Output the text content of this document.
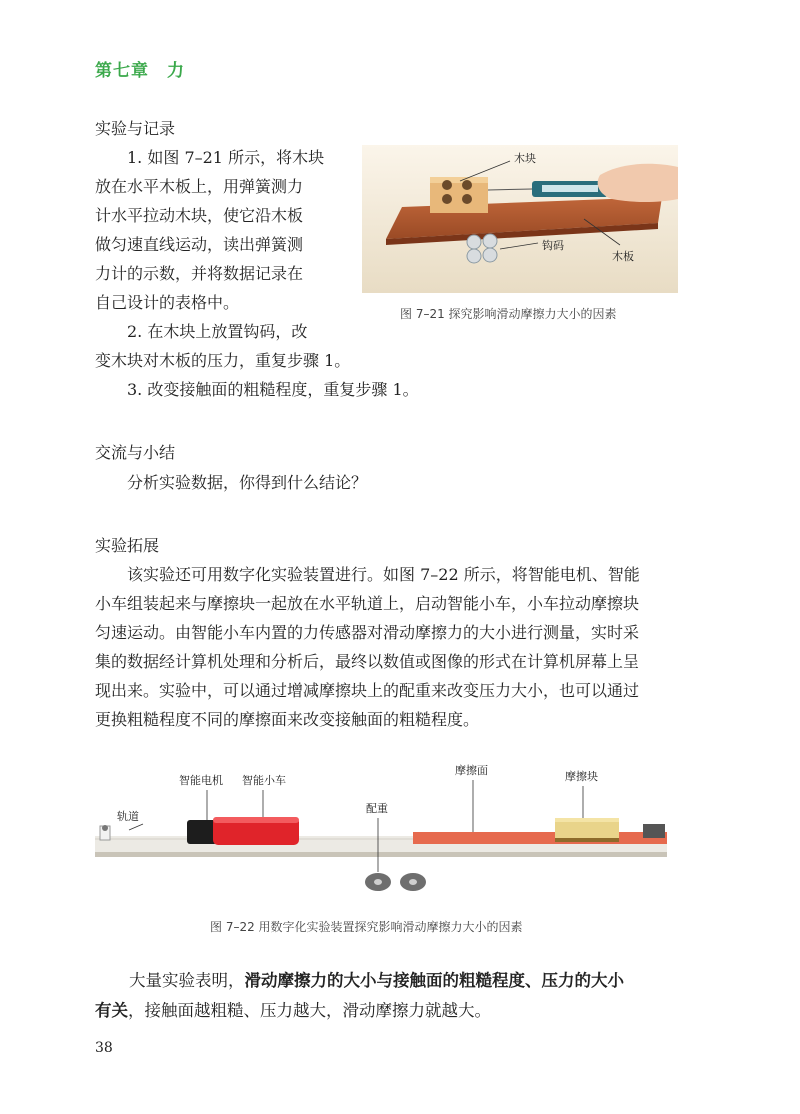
第七章　力
实验与记录
1. 如图 7–21 所示，将木块
放在水平木板上，用弹簧测力
计水平拉动木块，使它沿木板
做匀速直线运动，读出弹簧测
力计的示数，并将数据记录在
自己设计的表格中。
2. 在木块上放置钩码，改
变木块对木板的压力，重复步骤 1。
3. 改变接触面的粗糙程度，重复步骤 1。
木块
钩码
木板
图 7–21 探究影响滑动摩擦力大小的因素
交流与小结
分析实验数据，你得到什么结论？
实验拓展
该实验还可用数字化实验装置进行。如图 7–22 所示，将智能电机、智能
小车组装起来与摩擦块一起放在水平轨道上，启动智能小车，小车拉动摩擦块
匀速运动。由智能小车内置的力传感器对滑动摩擦力的大小进行测量，实时采
集的数据经计算机处理和分析后，最终以数值或图像的形式在计算机屏幕上呈
现出来。实验中，可以通过增减摩擦块上的配重来改变压力大小，也可以通过
更换粗糙程度不同的摩擦面来改变接触面的粗糙程度。
轨道
智能电机 智能小车
配重
摩擦面	摩擦块
图 7–22 用数字化实验装置探究影响滑动摩擦力大小的因素
大量实验表明，滑动摩擦力的大小与接触面的粗糙程度、压力的大小
有关，接触面越粗糙、压力越大，滑动摩擦力就越大。
38
